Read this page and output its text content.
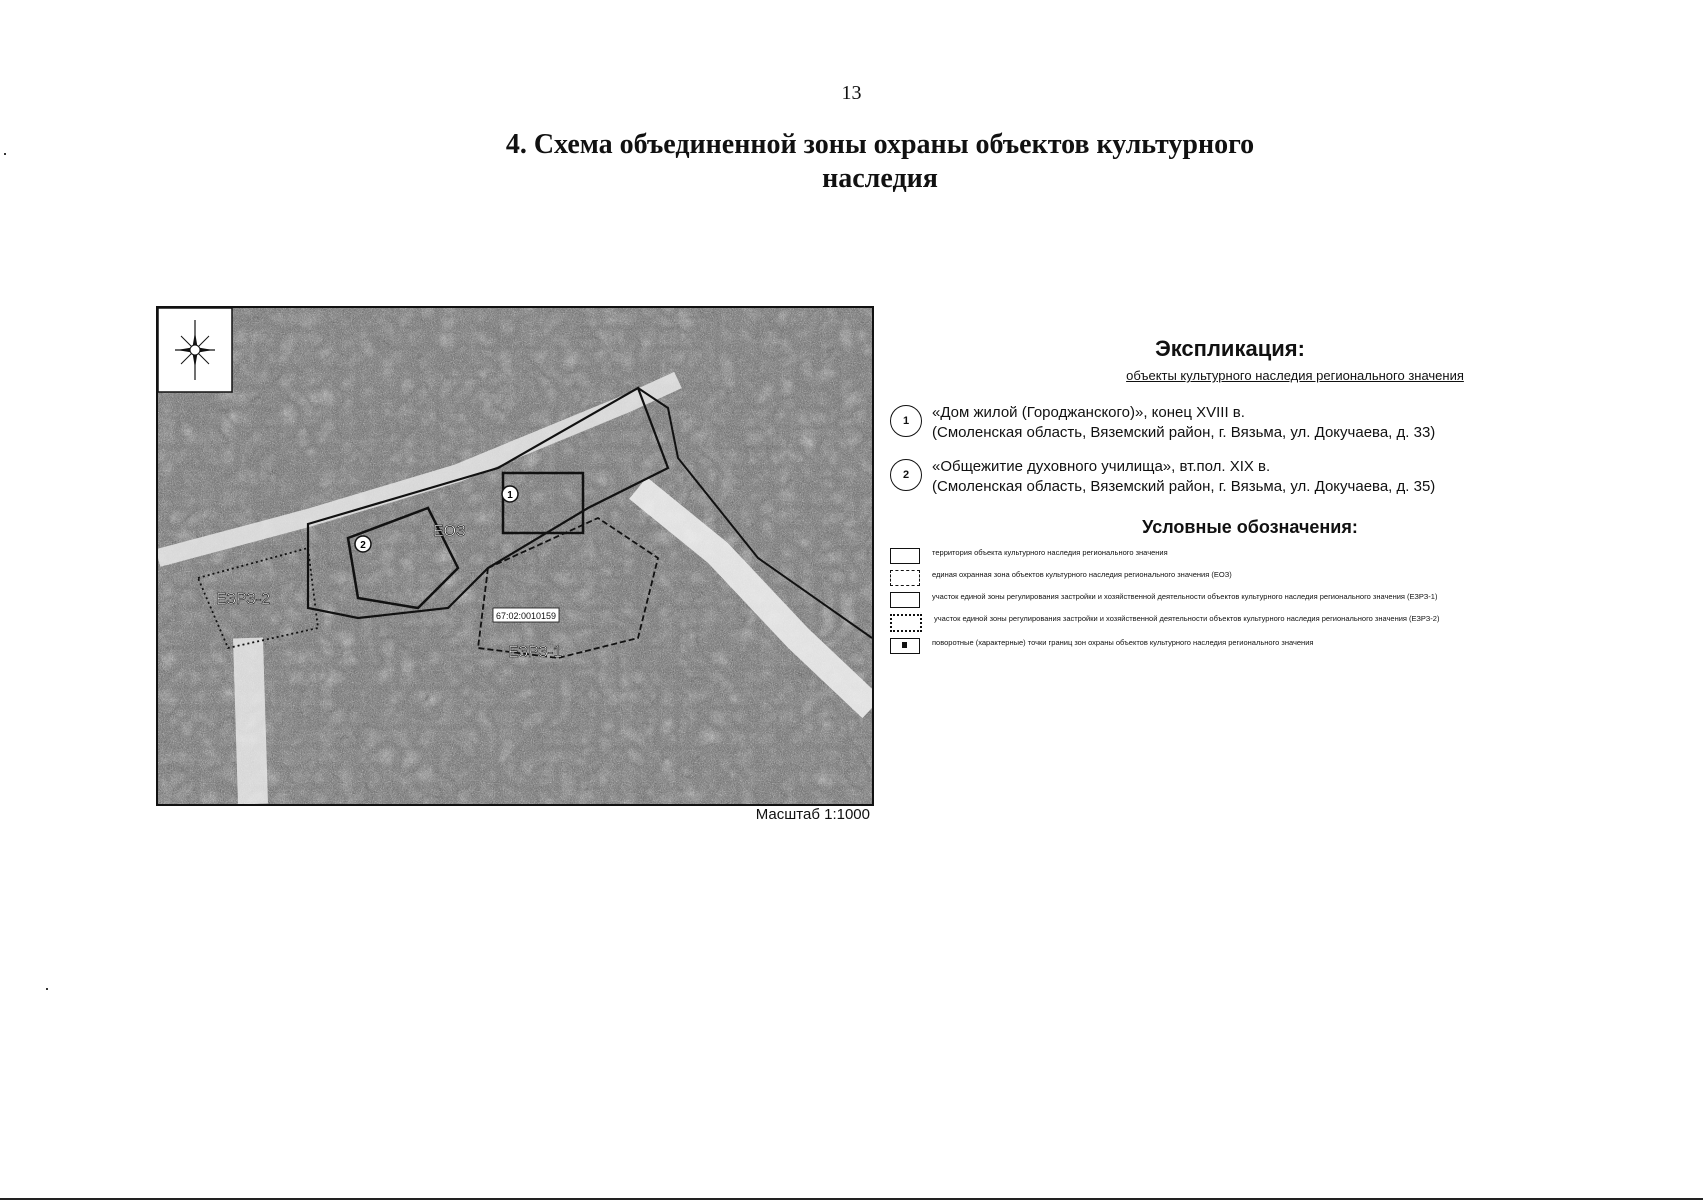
13
4. Схема объединенной зоны охраны объектов культурного
наследия
1
2
ЕОЗ
ЕЗРЗ-2
ЕЗРЗ-1
67:02:0010159
Масштаб 1:1000
Экспликация:
объекты культурного наследия регионального значения
1	«Дом жилой (Городжанского)», конец XVIII в.
(Смоленская область, Вяземский район, г. Вязьма, ул. Докучаева, д. 33)
2	«Общежитие духовного училища», вт.пол. XIX в.
(Смоленская область, Вяземский район, г. Вязьма, ул. Докучаева, д. 35)
Условные обозначения:
территория объекта культурного наследия регионального значения
единая охранная зона объектов культурного наследия регионального значения (ЕОЗ)
участок единой зоны регулирования застройки и хозяйственной деятельности объектов культурного наследия регионального значения (ЕЗРЗ-1)
участок единой зоны регулирования застройки и хозяйственной деятельности объектов культурного наследия регионального значения (ЕЗРЗ-2)
поворотные (характерные) точки границ зон охраны объектов культурного наследия регионального значения
